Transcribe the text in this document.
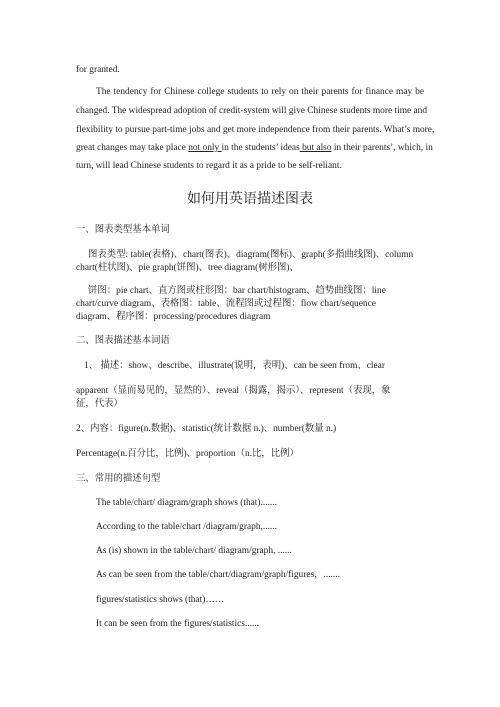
for granted.
The tendency for Chinese college students to rely on their parents for finance may be
changed. The widespread adoption of credit-system will give Chinese students more time and
flexibility to pursue part-time jobs and get more independence from their parents. What’s more,
great changes may take place not only in the students’ ideas but also in their parents’, which, in
turn, will lead Chinese students to regard it as a pride to be self-reliant.
如何用英语描述图表
一、图表类型基本单词
图表类型: table(表格)、chart(图表)、diagram(图标)、graph(多指曲线图)、column
chart(柱状图)、pie graph(饼图)、tree diagram(树形图)、
饼图：pie chart、直方图或柱形图：bar chart/histogram、趋势曲线图：line
chart/curve diagram、表格图：table、流程图或过程图：flow chart/sequence
diagram、程序图：processing/procedures diagram
二、图表描述基本词语
1、 描述：show、describe、illustrate(说明，表明)、can be seen from、clear
apparent（显而易见的，显然的）、reveal（揭露，揭示）、represent（表现，象
征，代表）
2、内容：figure(n.数据)、statistic(统计数据 n.)、number(数量 n.)
Percentage(n.百分比，比例)、proportion（n.比，比例）
三、常用的描述句型
The table/chart/ diagram/graph shows (that).......
According to the table/chart /diagram/graph,......
As (is) shown in the table/chart/ diagram/graph, ......
As can be seen from the table/chart/diagram/graph/figures，.......
figures/statistics shows (that)……
It can be seen from the figures/statistics......
